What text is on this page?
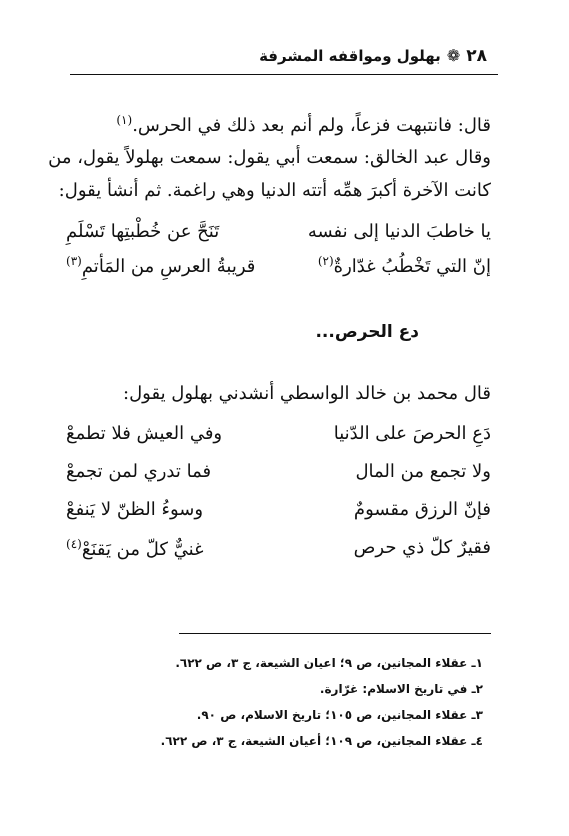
٢٨
❁
بهلول ومواقفه المشرفة

قال: فانتبهت فزعاً، ولم أنم بعد ذلك في الحرس.$^{(١)}$

وقال عبد الخالق: سمعت أبي يقول: سمعت بهلولاً يقول، من

كانت الآخرة أكبرَ همِّه أتته الدنيا وهي راغمة. ثم أنشأ يقول:

يا خاطبَ الدنيا إلى نفسه
تَنَحَّ عن خُطْبتِها تَسْلَمِ
إنّ التي تَخْطُبُ غدّارةٌ$^{(٢)}$
قريبةُ العرسِ من المَأتمِ$^{(٣)}$
دع الحرص...
قال محمد بن خالد الواسطي أنشدني بهلول يقول:
دَعِ الحرصَ على الدّنيا
وفي العيش فلا تطمعْ
ولا تجمع من المال
فما تدري لمن تجمعْ
فإنّ الرزق مقسومٌ
وسوءُ الظنّ لا يَنفعْ
فقيرٌ كلّ ذي حرص
غنيٌّ كلّ من يَقنَعْ$^{(٤)}$
١ـ عقلاء المجانين، ص ٩؛ اعيان الشيعة، ج ٣، ص ٦٢٢.
٢ـ في تاريخ الاسلام: غرّارة.
٣ـ عقلاء المجانين، ص ١٠٥؛ تاريخ الاسلام، ص ٩٠.
٤ـ عقلاء المجانين، ص ١٠٩؛ أعيان الشيعة، ج ٣، ص ٦٢٢.
